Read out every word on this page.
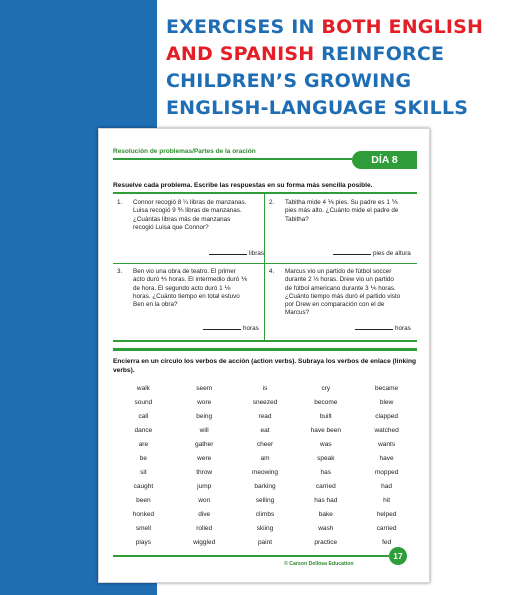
EXERCISES IN BOTH ENGLISH
AND SPANISH REINFORCE
CHILDREN’S GROWING
ENGLISH-LANGUAGE SKILLS
Resolución de problemas/Partes de la oración
DÍA 8
Resuelve cada problema. Escribe las respuestas en su forma más sencilla posible.
1. Connor recogió 8 ¼ libras de manzanas. Luisa recogió 9 ⅗ libras de manzanas. ¿Cuántas libras más de manzanas recogió Luisa que Connor?
libras
2. Tabitha mide 4 ⅙ pies. Su padre es 1 ⅚ pies más alto. ¿Cuánto mide el padre de Tabitha?
pies de altura
3. Ben vio una obra de teatro. El primer acto duró ⅘ horas. El intermedio duró ⅙ de hora. El segundo acto duró 1 ⅙ horas. ¿Cuánto tiempo en total estuvo Ben en la obra?
horas
4. Marcus vio un partido de fútbol soccer durante 2 ⅓ horas. Drew vio un partido de fútbol americano durante 3 ⅙ horas. ¿Cuánto tiempo más duró el partido visto por Drew en comparación con el de Marcus?
horas
Encierra en un círculo los verbos de acción (action verbs). Subraya los verbos de enlace (linking verbs).
walk	seem	is	cry	became
sound	wore	sneezed	become	blew
call	being	read	built	clapped
dance	will	eat	have been	watched
are	gather	cheer	was	wants
be	were	am	speak	have
sit	throw	meowing	has	mopped
caught	jump	barking	carried	had
been	won	selling	has had	hit
honked	dive	climbs	bake	helped
smell	rolled	skiing	wash	carried
plays	wiggled	paint	practice	fed
17
© Carson Dellosa Education
